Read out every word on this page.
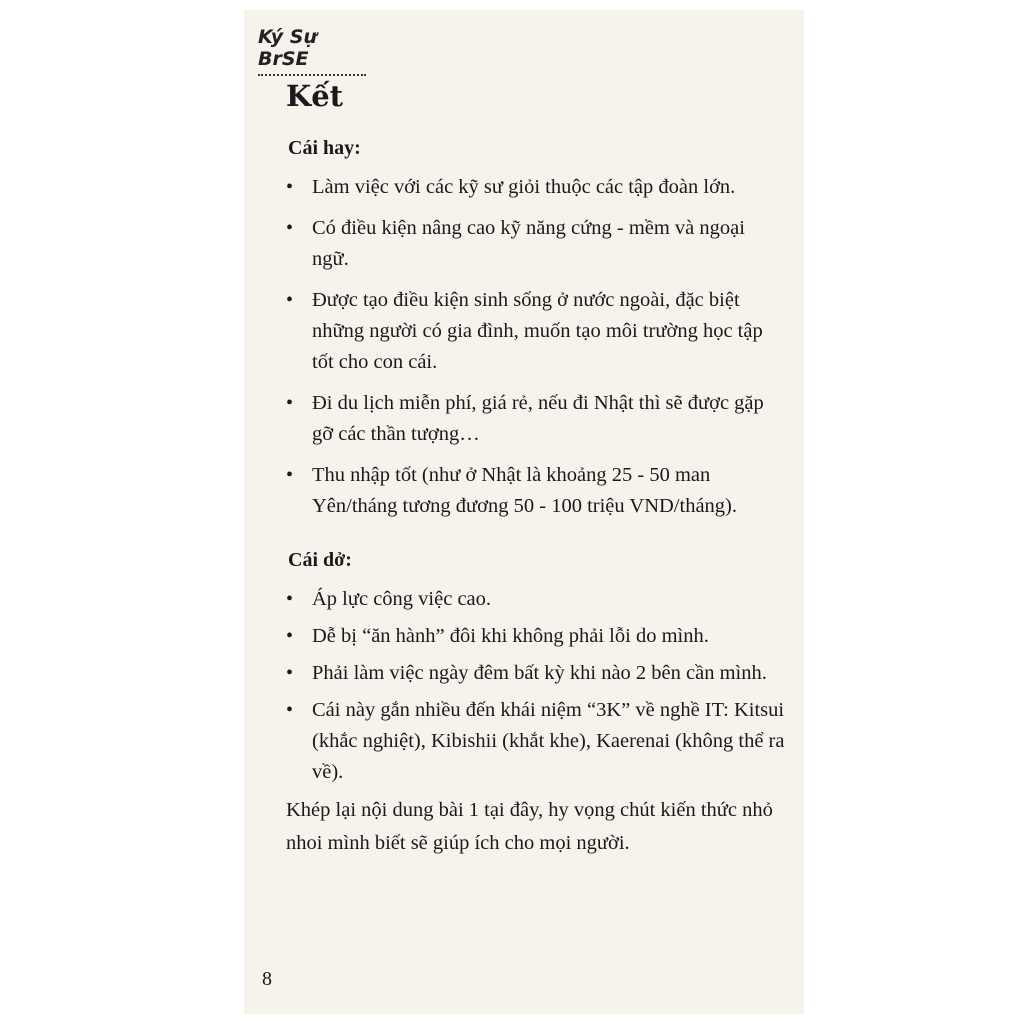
Ký Sự BrSE
Kết
Cái hay:
• Làm việc với các kỹ sư giỏi thuộc các tập đoàn lớn.
• Có điều kiện nâng cao kỹ năng cứng - mềm và ngoại ngữ.
• Được tạo điều kiện sinh sống ở nước ngoài, đặc biệt những người có gia đình, muốn tạo môi trường học tập tốt cho con cái.
• Đi du lịch miễn phí, giá rẻ, nếu đi Nhật thì sẽ được gặp gỡ các thần tượng…
• Thu nhập tốt (như ở Nhật là khoảng 25 - 50 man Yên/tháng tương đương 50 - 100 triệu VND/tháng).
Cái dở:
• Áp lực công việc cao.
• Dễ bị “ăn hành” đôi khi không phải lỗi do mình.
• Phải làm việc ngày đêm bất kỳ khi nào 2 bên cần mình.
• Cái này gắn nhiều đến khái niệm “3K” về nghề IT: Kitsui (khắc nghiệt), Kibishii (khắt khe), Kaerenai (không thể ra về).

Khép lại nội dung bài 1 tại đây, hy vọng chút kiến thức nhỏ nhoi mình biết sẽ giúp ích cho mọi người.

8
